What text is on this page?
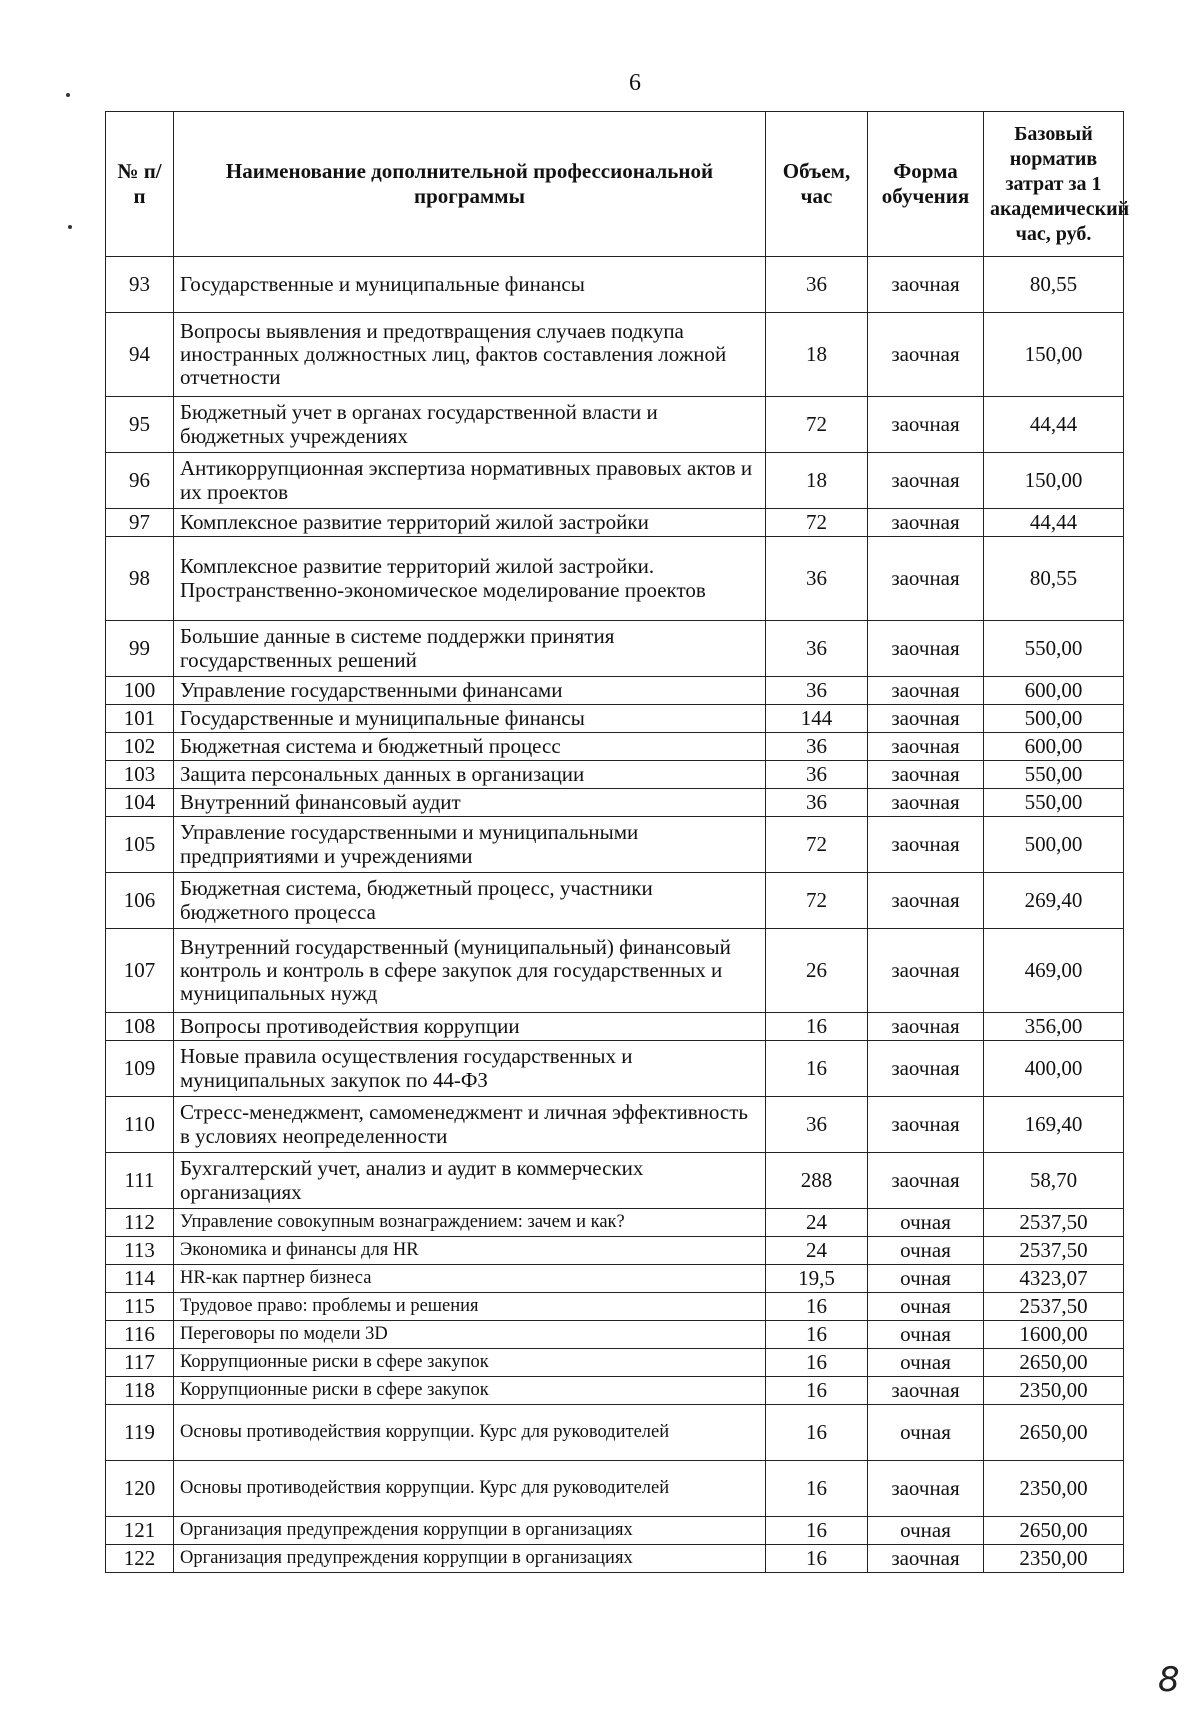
6
№ п/п	Наименование дополнительной профессиональной программы	Объем, час	Форма обучения	Базовый норматив затрат за 1 академический час, руб.
93	Государственные и муниципальные финансы	36	заочная	80,55
94	Вопросы выявления и предотвращения случаев подкупа иностранных должностных лиц, фактов составления ложной отчетности	18	заочная	150,00
95	Бюджетный учет в органах государственной власти и бюджетных учреждениях	72	заочная	44,44
96	Антикоррупционная экспертиза нормативных правовых актов и их проектов	18	заочная	150,00
97	Комплексное развитие территорий жилой застройки	72	заочная	44,44
98	Комплексное развитие территорий жилой застройки. Пространственно-экономическое моделирование проектов	36	заочная	80,55
99	Большие данные в системе поддержки принятия государственных решений	36	заочная	550,00
100	Управление государственными финансами	36	заочная	600,00
101	Государственные и муниципальные финансы	144	заочная	500,00
102	Бюджетная система и бюджетный процесс	36	заочная	600,00
103	Защита персональных данных в организации	36	заочная	550,00
104	Внутренний финансовый аудит	36	заочная	550,00
105	Управление государственными и муниципальными предприятиями и учреждениями	72	заочная	500,00
106	Бюджетная система, бюджетный процесс, участники бюджетного процесса	72	заочная	269,40
107	Внутренний государственный (муниципальный) финансовый контроль и контроль в сфере закупок для государственных и муниципальных нужд	26	заочная	469,00
108	Вопросы противодействия коррупции	16	заочная	356,00
109	Новые правила осуществления государственных и муниципальных закупок по 44-ФЗ	16	заочная	400,00
110	Стресс-менеджмент, самоменеджмент и личная эффективность в условиях неопределенности	36	заочная	169,40
111	Бухгалтерский учет, анализ и аудит в коммерческих организациях	288	заочная	58,70
112	Управление совокупным вознаграждением: зачем и как?	24	очная	2537,50
113	Экономика и финансы для HR	24	очная	2537,50
114	HR-как партнер бизнеса	19,5	очная	4323,07
115	Трудовое право: проблемы и решения	16	очная	2537,50
116	Переговоры по модели 3D	16	очная	1600,00
117	Коррупционные риски в сфере закупок	16	очная	2650,00
118	Коррупционные риски в сфере закупок	16	заочная	2350,00
119	Основы противодействия коррупции. Курс для руководителей	16	очная	2650,00
120	Основы противодействия коррупции. Курс для руководителей	16	заочная	2350,00
121	Организация предупреждения коррупции в организациях	16	очная	2650,00
122	Организация предупреждения коррупции в организациях	16	заочная	2350,00
8
